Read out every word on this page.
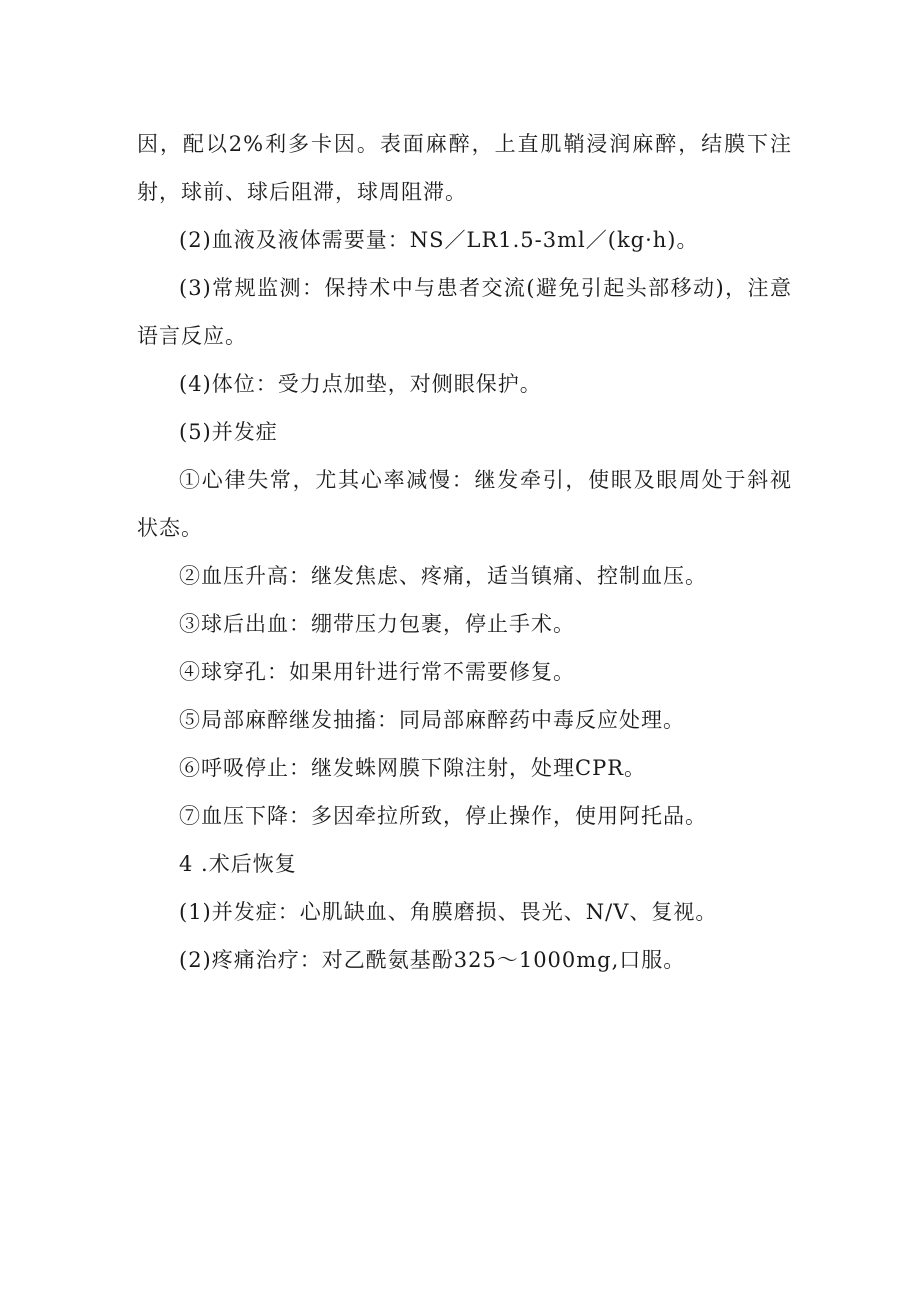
因，配以2%利多卡因。表面麻醉，上直肌鞘浸润麻醉，结膜下注射，球前、球后阻滞，球周阻滞。

(2)血液及液体需要量：NS／LR1.5-3ml／(kg·h)。

(3)常规监测：保持术中与患者交流(避免引起头部移动)，注意语言反应。

(4)体位：受力点加垫，对侧眼保护。

(5)并发症

①心律失常，尤其心率减慢：继发牵引，使眼及眼周处于斜视状态。

②血压升高：继发焦虑、疼痛，适当镇痛、控制血压。

③球后出血：绷带压力包裹，停止手术。

④球穿孔：如果用针进行常不需要修复。

⑤局部麻醉继发抽搐：同局部麻醉药中毒反应处理。

⑥呼吸停止：继发蛛网膜下隙注射，处理CPR。

⑦血压下降：多因牵拉所致，停止操作，使用阿托品。

4 .术后恢复

(1)并发症：心肌缺血、角膜磨损、畏光、N/V、复视。

(2)疼痛治疗：对乙酰氨基酚325～1000mg,口服。
